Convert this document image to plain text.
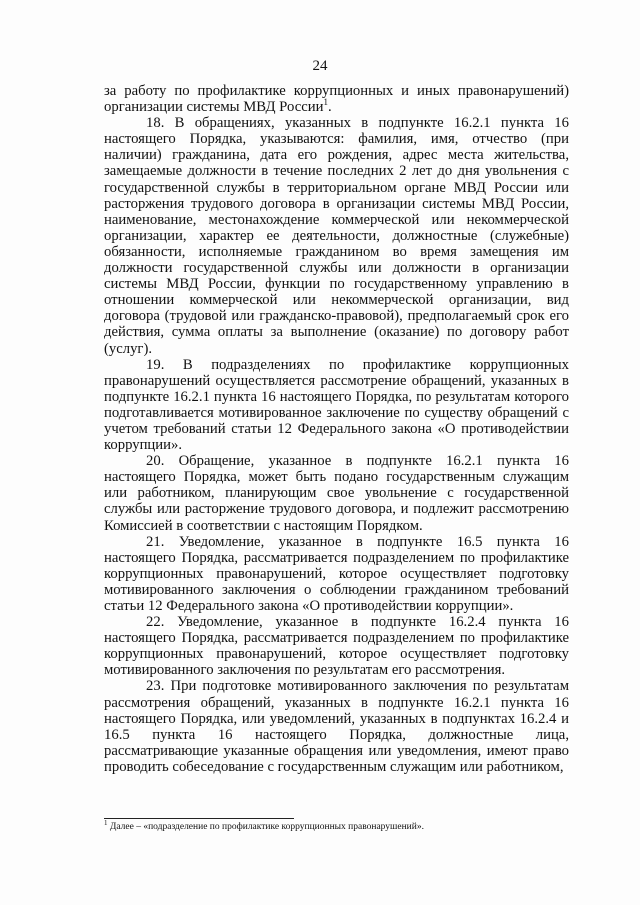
24

за работу по профилактике коррупционных и иных правонарушений) организации системы МВД России$^1$.

18. В обращениях, указанных в подпункте 16.2.1 пункта 16 настоящего Порядка, указываются: фамилия, имя, отчество (при наличии) гражданина, дата его рождения, адрес места жительства, замещаемые должности в течение последних 2 лет до дня увольнения с государственной службы в территориальном органе МВД России или расторжения трудового договора в организации системы МВД России, наименование, местонахождение коммерческой или некоммерческой организации, характер ее деятельности, должностные (служебные) обязанности, исполняемые гражданином во время замещения им должности государственной службы или должности в организации системы МВД России, функции по государственному управлению в отношении коммерческой или некоммерческой организации, вид договора (трудовой или гражданско-правовой), предполагаемый срок его действия, сумма оплаты за выполнение (оказание) по договору работ (услуг).

19. В подразделениях по профилактике коррупционных правонарушений осуществляется рассмотрение обращений, указанных в подпункте 16.2.1 пункта 16 настоящего Порядка, по результатам которого подготавливается мотивированное заключение по существу обращений с учетом требований статьи 12 Федерального закона «О противодействии коррупции».

20. Обращение, указанное в подпункте 16.2.1 пункта 16 настоящего Порядка, может быть подано государственным служащим или работником, планирующим свое увольнение с государственной службы или расторжение трудового договора, и подлежит рассмотрению Комиссией в соответствии с настоящим Порядком.

21. Уведомление, указанное в подпункте 16.5 пункта 16 настоящего Порядка, рассматривается подразделением по профилактике коррупционных правонарушений, которое осуществляет подготовку мотивированного заключения о соблюдении гражданином требований статьи 12 Федерального закона «О противодействии коррупции».

22. Уведомление, указанное в подпункте 16.2.4 пункта 16 настоящего Порядка, рассматривается подразделением по профилактике коррупционных правонарушений, которое осуществляет подготовку мотивированного заключения по результатам его рассмотрения.

23. При подготовке мотивированного заключения по результатам рассмотрения обращений, указанных в подпункте 16.2.1 пункта 16 настоящего Порядка, или уведомлений, указанных в подпунктах 16.2.4 и 16.5 пункта 16 настоящего Порядка, должностные лица, рассматривающие указанные обращения или уведомления, имеют право проводить собеседование с государственным служащим или работником,

$^1$ Далее – «подразделение по профилактике коррупционных правонарушений».
